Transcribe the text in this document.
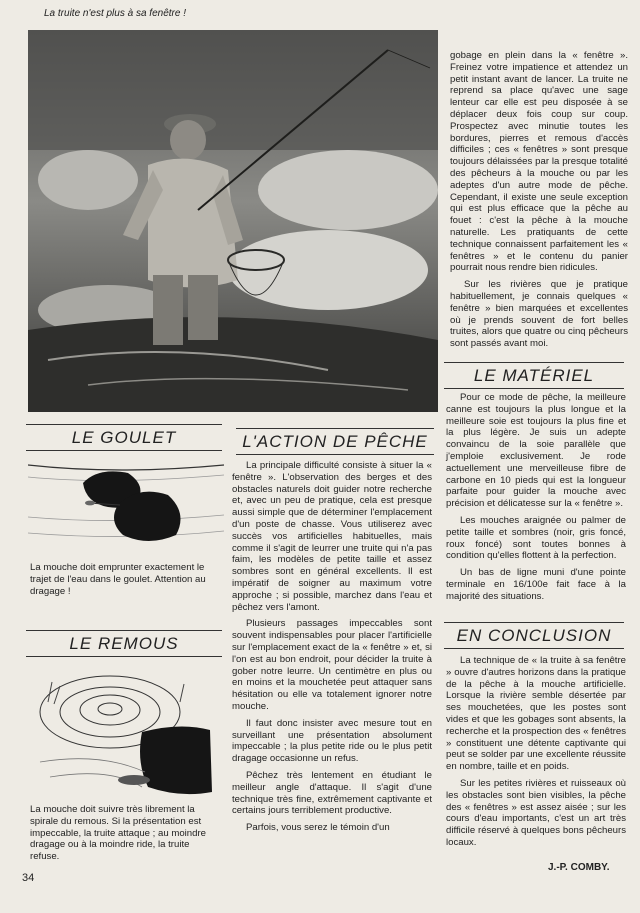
La truite n'est plus à sa fenêtre !

gobage en plein dans la « fenêtre ». Freinez votre impatience et attendez un petit instant avant de lancer. La truite ne reprend sa place qu'avec une sage lenteur car elle est peu disposée à se déplacer deux fois coup sur coup. Prospectez avec minutie toutes les bordures, pierres et remous d'accès difficiles ; ces « fenêtres » sont presque toujours délaissées par la presque totalité des pêcheurs à la mouche ou par les adeptes d'un autre mode de pêche. Cependant, il existe une seule exception qui est plus efficace que la pêche au fouet : c'est la pêche à la mouche naturelle. Les pratiquants de cette technique connaissent parfaitement les « fenêtres » et le contenu du panier pourrait nous rendre bien ridicules.

Sur les rivières que je pratique habituellement, je connais quelques « fenêtre » bien marquées et excellentes où je prends souvent de fort belles truites, alors que quatre ou cinq pêcheurs sont passés avant moi.

LE MATÉRIEL

Pour ce mode de pêche, la meilleure canne est toujours la plus longue et la meilleure soie est toujours la plus fine et la plus légère. Je suis un adepte convaincu de la soie parallèle que j'emploie exclusivement. Je rode actuellement une merveilleuse fibre de carbone en 10 pieds qui est la longueur parfaite pour guider la mouche avec précision et délicatesse sur la « fenêtre ».

Les mouches araignée ou palmer de petite taille et sombres (noir, gris foncé, roux foncé) sont toutes bonnes à condition qu'elles flottent à la perfection.

Un bas de ligne muni d'une pointe terminale en 16/100e fait face à la majorité des situations.

EN CONCLUSION

La technique de « la truite à sa fenêtre » ouvre d'autres horizons dans la pratique de la pêche à la mouche artificielle. Lorsque la rivière semble désertée par ses mouchetées, que les postes sont vides et que les gobages sont absents, la recherche et la prospection des « fenêtres » constituent une détente captivante qui peut se solder par une excellente réussite en nombre, taille et en poids.

Sur les petites rivières et ruisseaux où les obstacles sont bien visibles, la pêche des « fenêtres » est assez aisée ; sur les cours d'eau importants, c'est un art très difficile réservé à quelques bons pêcheurs locaux.

L'ACTION DE PÊCHE

La principale difficulté consiste à situer la « fenêtre ». L'observation des berges et des obstacles naturels doit guider notre recherche et, avec un peu de pratique, cela est presque aussi simple que de déterminer l'emplacement d'un poste de chasse. Vous utiliserez avec succès vos artificielles habituelles, mais comme il s'agit de leurrer une truite qui n'a pas faim, les modèles de petite taille et assez sombres sont en général excellents. Il est impératif de soigner au maximum votre approche ; si possible, marchez dans l'eau et pêchez vers l'amont.

Plusieurs passages impeccables sont souvent indispensables pour placer l'artificielle sur l'emplacement exact de la « fenêtre » et, si l'on est au bon endroit, pour décider la truite à gober notre leurre. Un centimètre en plus ou en moins et la mouchetée peut attaquer sans hésitation ou elle va totalement ignorer notre mouche.

Il faut donc insister avec mesure tout en surveillant une présentation absolument impeccable ; la plus petite ride ou le plus petit dragage occasionne un refus.

Pêchez très lentement en étudiant le meilleur angle d'attaque. Il s'agit d'une technique très fine, extrêmement captivante et certains jours terriblement productive.

Parfois, vous serez le témoin d'un

LE GOULET
La mouche doit emprunter exactement le trajet de l'eau dans le goulet. Attention au dragage !
LE REMOUS
La mouche doit suivre très librement la spirale du remous. Si la présentation est impeccable, la truite attaque ; au moindre dragage ou à la moindre ride, la truite refuse.
34
J.-P. COMBY.
